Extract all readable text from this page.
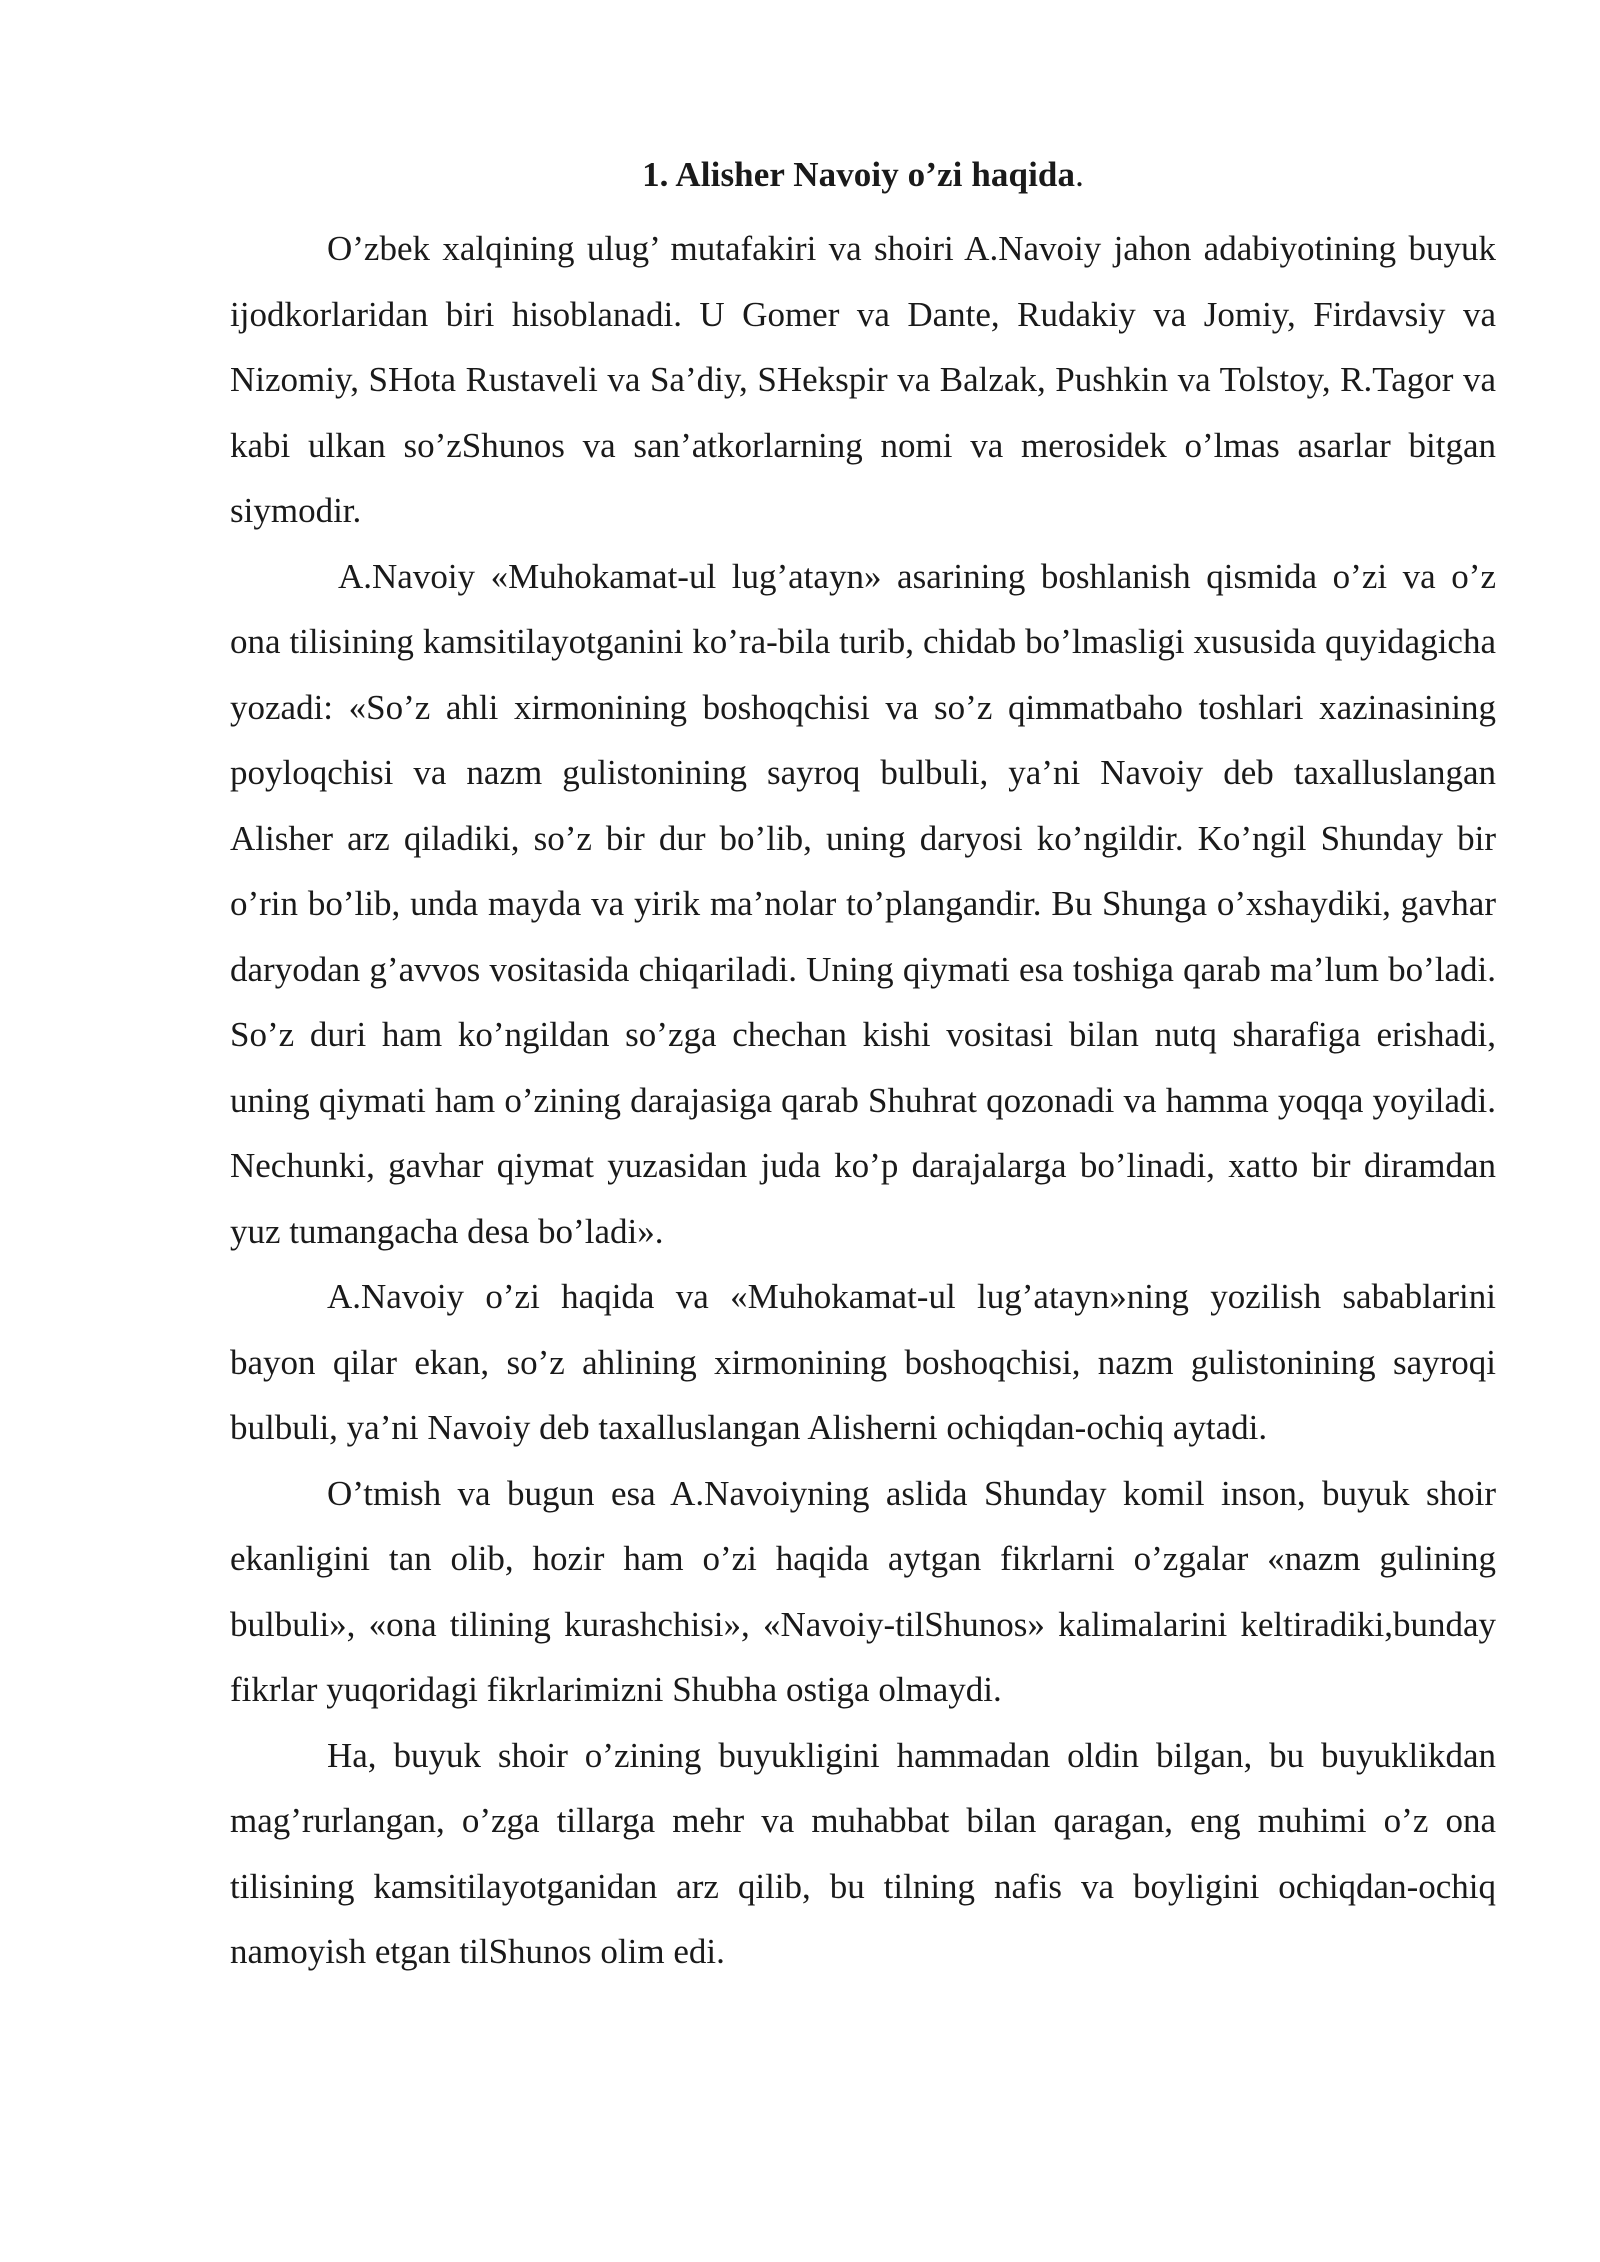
1. Alisher Navoiy o’zi haqida.

O’zbek xalqining ulug’ mutafakiri va shoiri A.Navoiy jahon adabiyotining buyuk ijodkorlaridan biri hisoblanadi. U Gomer va Dante, Rudakiy va Jomiy, Firdavsiy va Nizomiy, SHota Rustaveli va Sa’diy, SHekspir va Balzak, Pushkin va Tolstoy, R.Tagor va kabi ulkan so’zShunos va san’atkorlarning nomi va merosidek o’lmas asarlar bitgan siymodir.

A.Navoiy «Muhokamat-ul lug’atayn» asarining boshlanish qismida o’zi va o’z ona tilisining kamsitilayotganini ko’ra-bila turib, chidab bo’lmasligi xususida quyidagicha yozadi: «So’z ahli xirmonining boshoqchisi va so’z qimmatbaho toshlari xazinasining poyloqchisi va nazm gulistonining sayroq bulbuli, ya’ni Navoiy deb taxalluslangan Alisher arz qiladiki, so’z bir dur bo’lib, uning daryosi ko’ngildir. Ko’ngil Shunday bir o’rin bo’lib, unda mayda va yirik ma’nolar to’plangandir. Bu Shunga o’xshaydiki, gavhar daryodan g’avvos vositasida chiqariladi. Uning qiymati esa toshiga qarab ma’lum bo’ladi. So’z duri ham ko’ngildan so’zga chechan kishi vositasi bilan nutq sharafiga erishadi, uning qiymati ham o’zining darajasiga qarab Shuhrat qozonadi va hamma yoqqa yoyiladi. Nechunki, gavhar qiymat yuzasidan juda ko’p darajalarga bo’linadi, xatto bir diramdan yuz tumangacha desa bo’ladi».

A.Navoiy o’zi haqida va «Muhokamat-ul lug’atayn»ning yozilish sabablarini bayon qilar ekan, so’z ahlining xirmonining boshoqchisi, nazm gulistonining sayroqi bulbuli, ya’ni Navoiy deb taxalluslangan Alisherni ochiqdan-ochiq aytadi.

O’tmish va bugun esa A.Navoiyning aslida Shunday komil inson, buyuk shoir ekanligini tan olib, hozir ham o’zi haqida aytgan fikrlarni o’zgalar «nazm gulining bulbuli», «ona tilining kurashchisi», «Navoiy-tilShunos» kalimalarini keltiradiki,bunday fikrlar yuqoridagi fikrlarimizni Shubha ostiga olmaydi.

Ha, buyuk shoir o’zining buyukligini hammadan oldin bilgan, bu buyuklikdan mag’rurlangan, o’zga tillarga mehr va muhabbat bilan qaragan, eng muhimi o’z ona tilisining kamsitilayotganidan arz qilib, bu tilning nafis va boyligini ochiqdan-ochiq namoyish etgan tilShunos olim edi.
